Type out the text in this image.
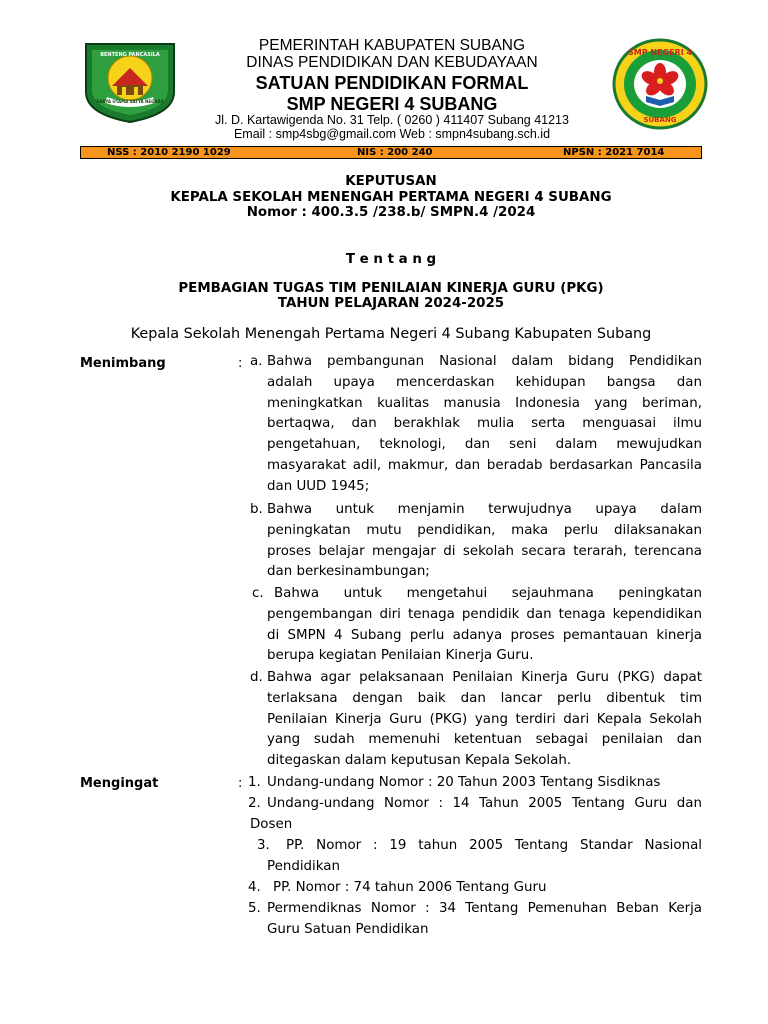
KARYA UTAMA SATYA NEGARA
BENTENG PANCASILA	SMP NEGERI 4
SUBANG
PEMERINTAH KABUPATEN SUBANG
DINAS PENDIDIKAN DAN KEBUDAYAAN
SATUAN PENDIDIKAN FORMAL
SMP NEGERI 4 SUBANG
Jl. D. Kartawigenda No. 31 Telp. ( 0260 ) 411407 Subang 41213
Email : smp4sbg@gmail.com Web : smpn4subang.sch.id
NSS : 2010 2190 1029	NIS : 200 240	NPSN : 2021 7014
KEPUTUSAN
KEPALA SEKOLAH MENENGAH PERTAMA NEGERI 4 SUBANG
Nomor : 400.3.5 /238.b/ SMPN.4 /2024
T e n t a n g
PEMBAGIAN TUGAS TIM PENILAIAN KINERJA GURU (PKG)
TAHUN PELAJARAN 2024-2025
Kepala Sekolah Menengah Pertama Negeri 4 Subang Kabupaten Subang
Menimbang	: a. Bahwa pembangunan Nasional dalam bidang Pendidikan
adalah upaya mencerdaskan kehidupan bangsa dan
meningkatkan kualitas manusia Indonesia yang beriman,
bertaqwa, dan berakhlak mulia serta menguasai ilmu
pengetahuan, teknologi, dan seni dalam mewujudkan
masyarakat adil, makmur, dan beradab berdasarkan Pancasila
dan UUD 1945;
b. Bahwa untuk menjamin terwujudnya upaya dalam
peningkatan mutu pendidikan, maka perlu dilaksanakan
proses belajar mengajar di sekolah secara terarah, terencana
dan berkesinambungan;
c. Bahwa untuk mengetahui sejauhmana peningkatan
pengembangan diri tenaga pendidik dan tenaga kependidikan
di SMPN 4 Subang perlu adanya proses pemantauan kinerja
berupa kegiatan Penilaian Kinerja Guru.
d. Bahwa agar pelaksanaan Penilaian Kinerja Guru (PKG) dapat
terlaksana dengan baik dan lancar perlu dibentuk tim
Penilaian Kinerja Guru (PKG) yang terdiri dari Kepala Sekolah
yang sudah memenuhi ketentuan sebagai penilaian dan
ditegaskan dalam keputusan Kepala Sekolah.
Mengingat	: 1. Undang-undang Nomor : 20 Tahun 2003 Tentang Sisdiknas
2. Undang-undang Nomor : 14 Tahun 2005 Tentang Guru dan
Dosen
3. PP. Nomor : 19 tahun 2005 Tentang Standar Nasional
Pendidikan
4. PP. Nomor : 74 tahun 2006 Tentang Guru
5. Permendiknas Nomor : 34 Tentang Pemenuhan Beban Kerja
Guru Satuan Pendidikan
